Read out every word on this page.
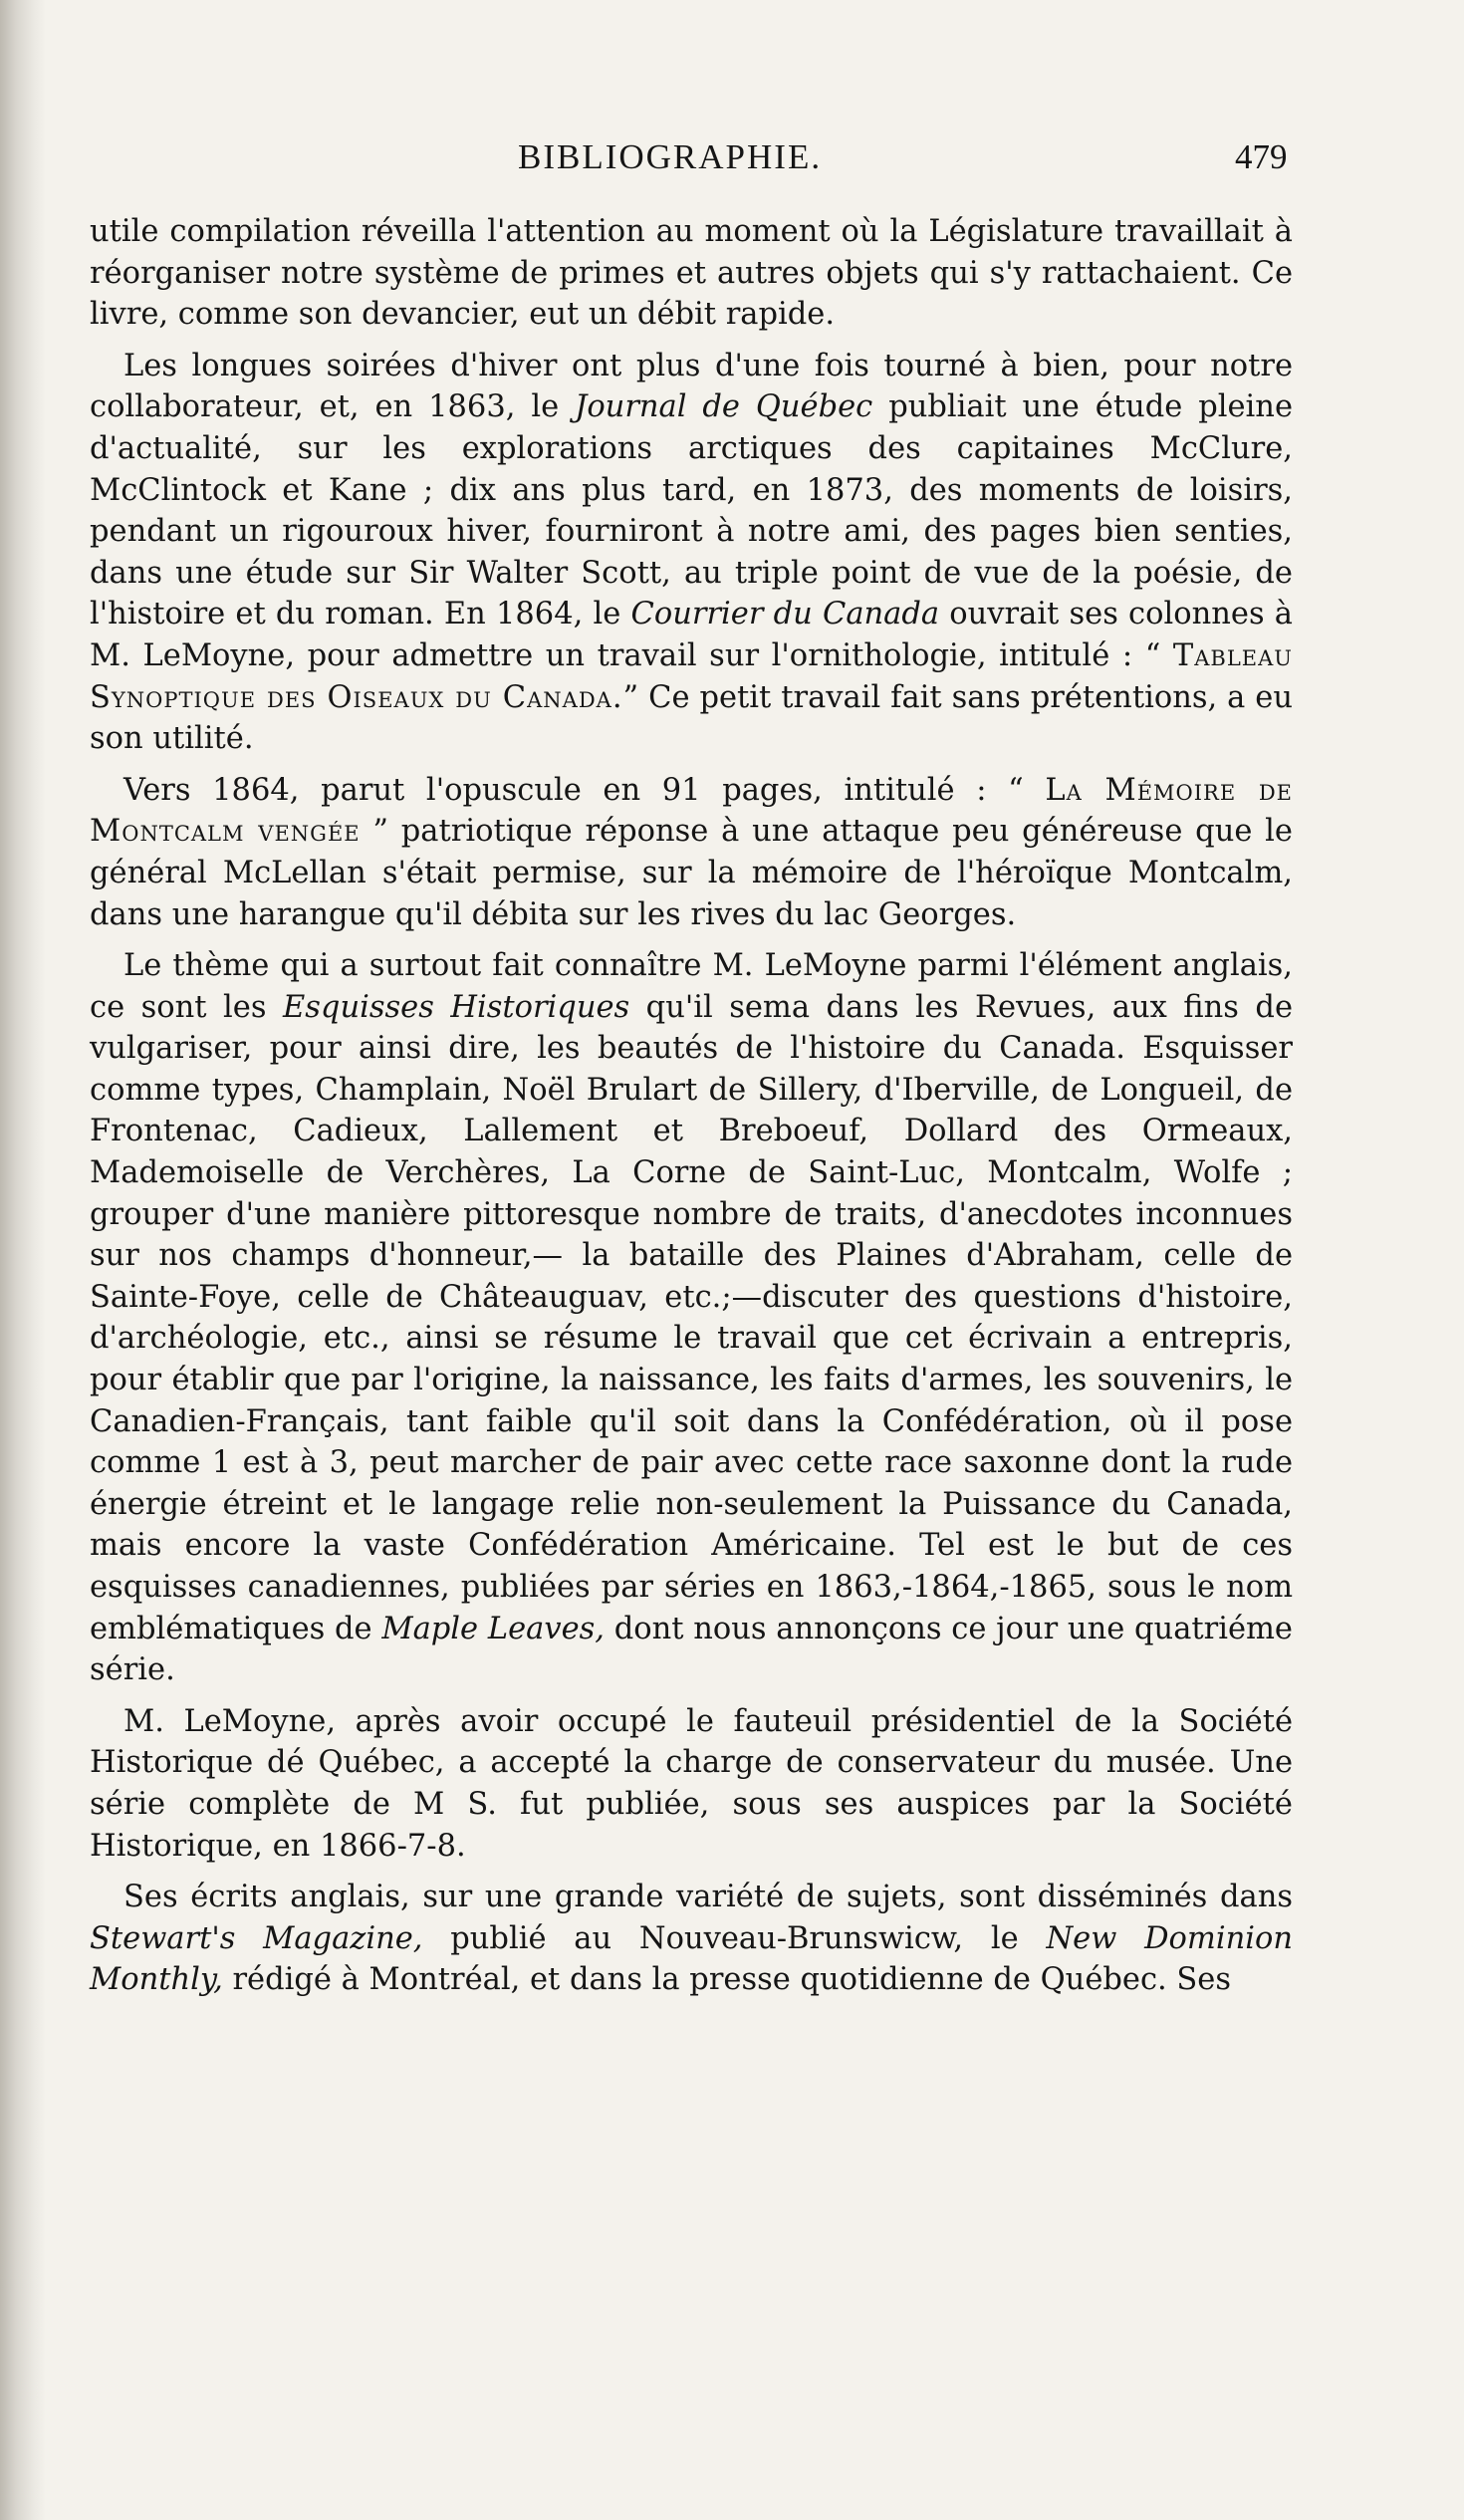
BIBLIOGRAPHIE.	479

utile compilation réveilla l'attention au moment où la Législature travaillait à réorganiser notre système de primes et autres objets qui s'y rattachaient. Ce livre, comme son devancier, eut un débit rapide.

Les longues soirées d'hiver ont plus d'une fois tourné à bien, pour notre collaborateur, et, en 1863, le Journal de Québec publiait une étude pleine d'actualité, sur les explorations arctiques des capitaines McClure, McClintock et Kane ; dix ans plus tard, en 1873, des moments de loisirs, pendant un rigouroux hiver, fourniront à notre ami, des pages bien senties, dans une étude sur Sir Walter Scott, au triple point de vue de la poésie, de l'histoire et du roman. En 1864, le Courrier du Canada ouvrait ses colonnes à M. LeMoyne, pour admettre un travail sur l'ornithologie, intitulé : “ Tableau Synoptique des Oiseaux du Canada.” Ce petit travail fait sans prétentions, a eu son utilité.

Vers 1864, parut l'opuscule en 91 pages, intitulé : “ La Mémoire de Montcalm vengée ” patriotique réponse à une attaque peu généreuse que le général McLellan s'était permise, sur la mémoire de l'héroïque Montcalm, dans une harangue qu'il débita sur les rives du lac Georges.

Le thème qui a surtout fait connaître M. LeMoyne parmi l'élément anglais, ce sont les Esquisses Historiques qu'il sema dans les Revues, aux fins de vulgariser, pour ainsi dire, les beautés de l'histoire du Canada. Esquisser comme types, Champlain, Noël Brulart de Sillery, d'Iberville, de Longueil, de Frontenac, Cadieux, Lallement et Breboeuf, Dollard des Ormeaux, Mademoiselle de Verchères, La Corne de Saint-Luc, Montcalm, Wolfe ; grouper d'une manière pittoresque nombre de traits, d'anecdotes inconnues sur nos champs d'honneur,— la bataille des Plaines d'Abraham, celle de Sainte-Foye, celle de Châteauguav, etc.;—discuter des questions d'histoire, d'archéologie, etc., ainsi se résume le travail que cet écrivain a entrepris, pour établir que par l'origine, la naissance, les faits d'armes, les souvenirs, le Canadien-Français, tant faible qu'il soit dans la Confédération, où il pose comme 1 est à 3, peut marcher de pair avec cette race saxonne dont la rude énergie étreint et le langage relie non-seulement la Puissance du Canada, mais encore la vaste Confédération Américaine. Tel est le but de ces esquisses canadiennes, publiées par séries en 1863,-1864,-1865, sous le nom emblématiques de Maple Leaves, dont nous annonçons ce jour une quatriéme série.

M. LeMoyne, après avoir occupé le fauteuil présidentiel de la Société Historique dé Québec, a accepté la charge de conservateur du musée. Une série complète de M S. fut publiée, sous ses auspices par la Société Historique, en 1866-7-8.

Ses écrits anglais, sur une grande variété de sujets, sont disséminés dans Stewart's Magazine, publié au Nouveau-Brunswicw, le New Dominion Monthly, rédigé à Montréal, et dans la presse quotidienne de Québec. Ses
